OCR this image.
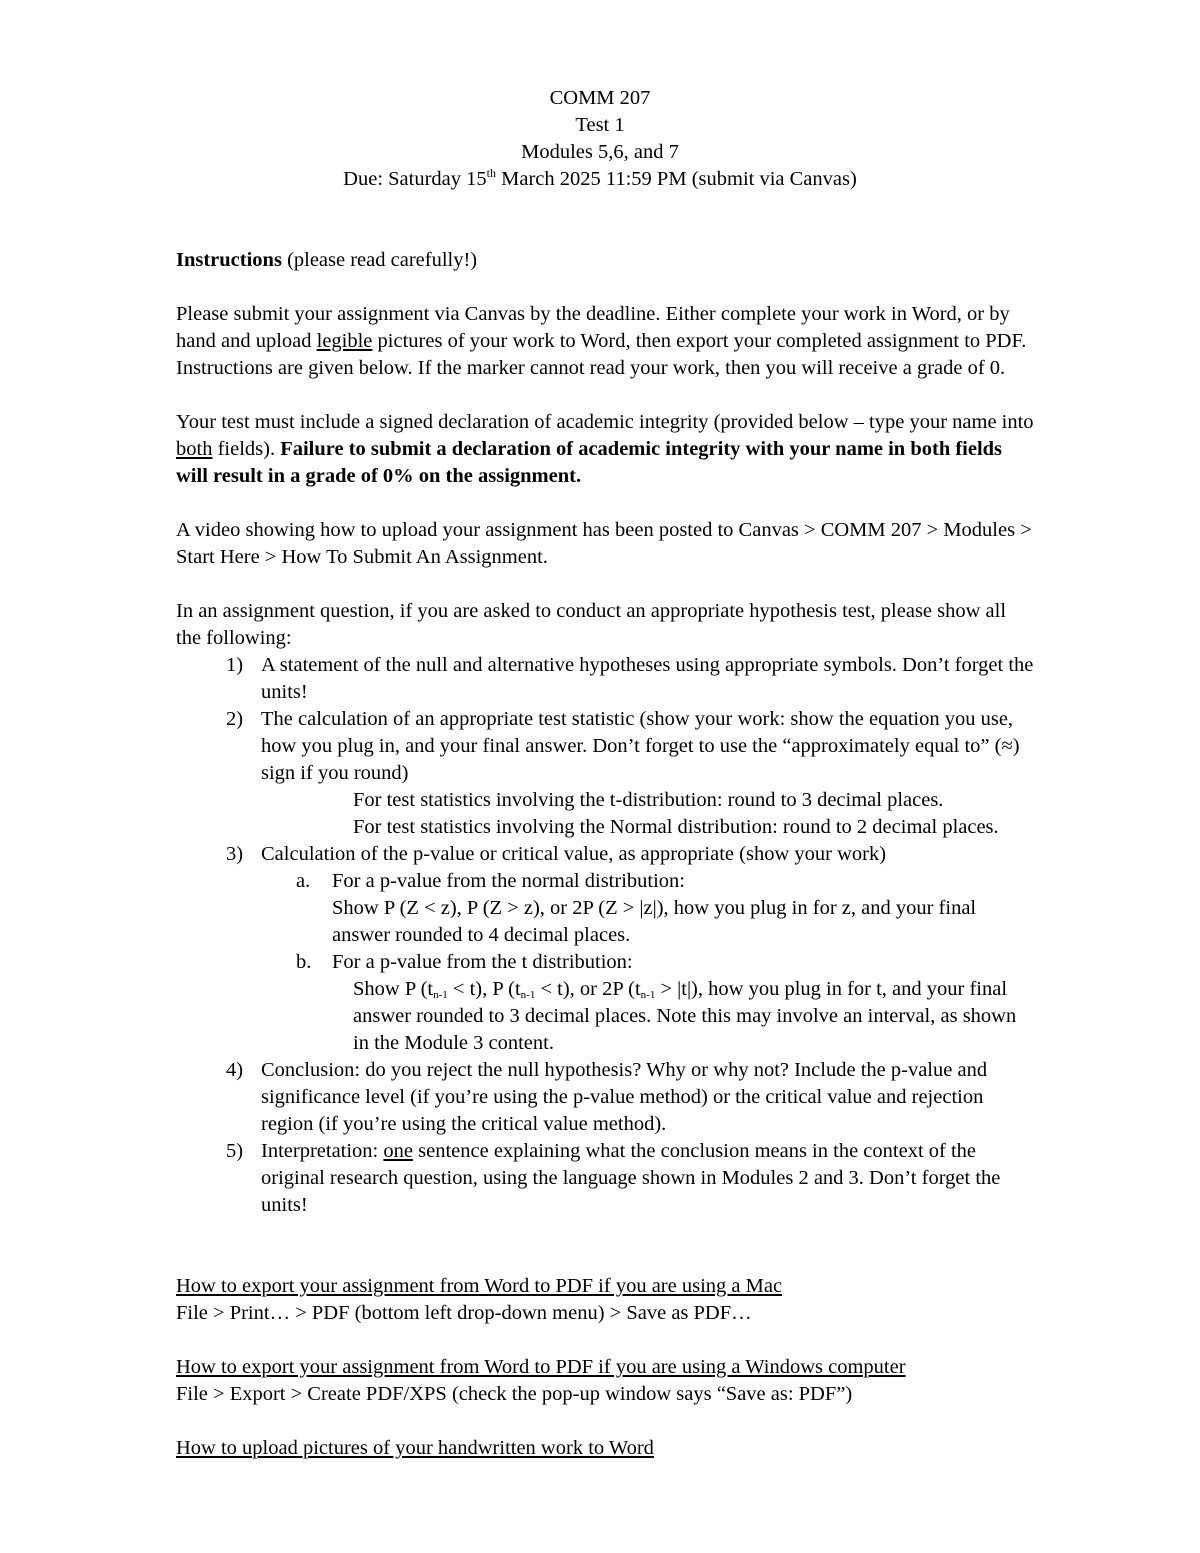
COMM 207
Test 1
Modules 5,6, and 7
Due: Saturday 15th March 2025 11:59 PM (submit via Canvas)

Instructions (please read carefully!)

Please submit your assignment via Canvas by the deadline. Either complete your work in Word, or by hand and upload legible pictures of your work to Word, then export your completed assignment to PDF. Instructions are given below. If the marker cannot read your work, then you will receive a grade of 0.

Your test must include a signed declaration of academic integrity (provided below – type your name into both fields). Failure to submit a declaration of academic integrity with your name in both fields will result in a grade of 0% on the assignment.

A video showing how to upload your assignment has been posted to Canvas > COMM 207 > Modules > Start Here > How To Submit An Assignment.

In an assignment question, if you are asked to conduct an appropriate hypothesis test, please show all the following:

1) A statement of the null and alternative hypotheses using appropriate symbols. Don’t forget the units!
2) The calculation of an appropriate test statistic (show your work: show the equation you use, how you plug in, and your final answer. Don’t forget to use the “approximately equal to” (≈) sign if you round)
For test statistics involving the t-distribution: round to 3 decimal places.
For test statistics involving the Normal distribution: round to 2 decimal places.
3) Calculation of the p-value or critical value, as appropriate (show your work)
a. For a p-value from the normal distribution:
Show P (Z < z), P (Z > z), or 2P (Z > |z|), how you plug in for z, and your final answer rounded to 4 decimal places.
b. For a p-value from the t distribution:
Show P $(t_{n-1} < t)$, P $(t_{n-1} < t)$, or 2P $(t_{n-1} > |t|)$, how you plug in for t, and your final answer rounded to 3 decimal places. Note this may involve an interval, as shown in the Module 3 content.
4) Conclusion: do you reject the null hypothesis? Why or why not? Include the p-value and significance level (if you’re using the p-value method) or the critical value and rejection region (if you’re using the critical value method).
5) Interpretation: one sentence explaining what the conclusion means in the context of the original research question, using the language shown in Modules 2 and 3. Don’t forget the units!
How to export your assignment from Word to PDF if you are using a Mac
File > Print… > PDF (bottom left drop-down menu) > Save as PDF…
How to export your assignment from Word to PDF if you are using a Windows computer
File > Export > Create PDF/XPS (check the pop-up window says “Save as: PDF”)
How to upload pictures of your handwritten work to Word
